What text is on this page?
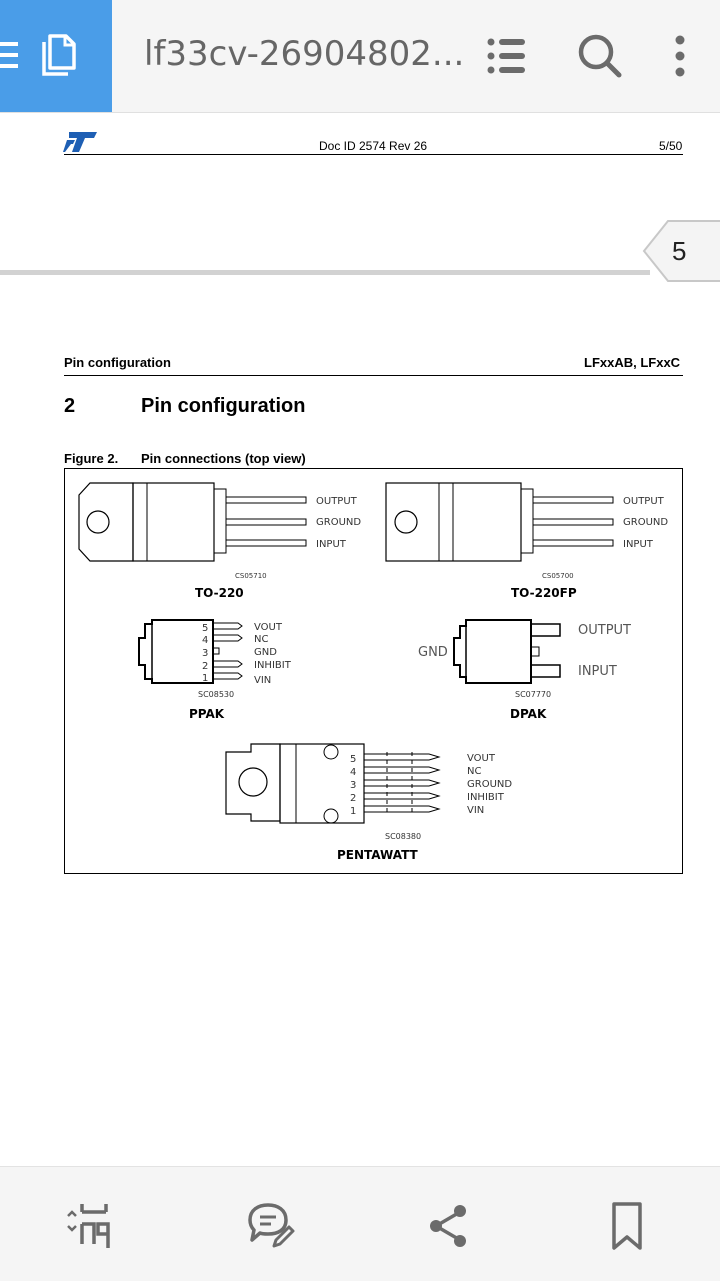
lf33cv-26904802...
Doc ID 2574 Rev 26	5/50
5
Pin configuration	LFxxAB, LFxxC
2	Pin configuration
Figure 2. Pin connections (top view)
OUTPUT
GROUND
INPUT
CS05710
TO-220
OUTPUT
GROUND
INPUT
CS05700
TO-220FP
5
4
3
2
1
VOUT
NC
GND
INHIBIT
VIN
SC08530
PPAK
GND
OUTPUT
INPUT
SC07770
DPAK
5
4
3
2
1
VOUT
NC
GROUND
INHIBIT
VIN
SC08380
PENTAWATT
